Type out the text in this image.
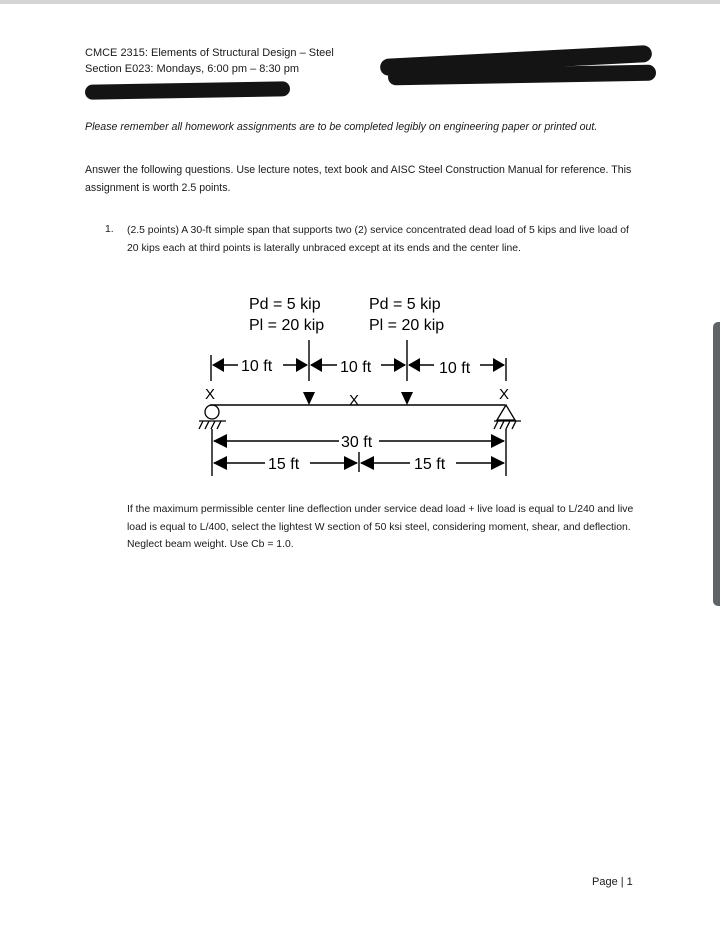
CMCE 2315: Elements of Structural Design – Steel
Section E023: Mondays, 6:00 pm – 8:30 pm
Please remember all homework assignments are to be completed legibly on engineering paper or printed out.
Answer the following questions. Use lecture notes, text book and AISC Steel Construction Manual for reference. This assignment is worth 2.5 points.
1. (2.5 points) A 30-ft simple span that supports two (2) service concentrated dead load of 5 kips and live load of 20 kips each at third points is laterally unbraced except at its ends and the center line.
Pd = 5 kip
Pl = 20 kip
Pd = 5 kip
Pl = 20 kip
10 ft	10 ft	10 ft
X	X	X
30 ft
15 ft	15 ft
If the maximum permissible center line deflection under service dead load + live load is equal to L/240 and live load is equal to L/400, select the lightest W section of 50 ksi steel, considering moment, shear, and deflection. Neglect beam weight. Use Cb = 1.0.
Page | 1
